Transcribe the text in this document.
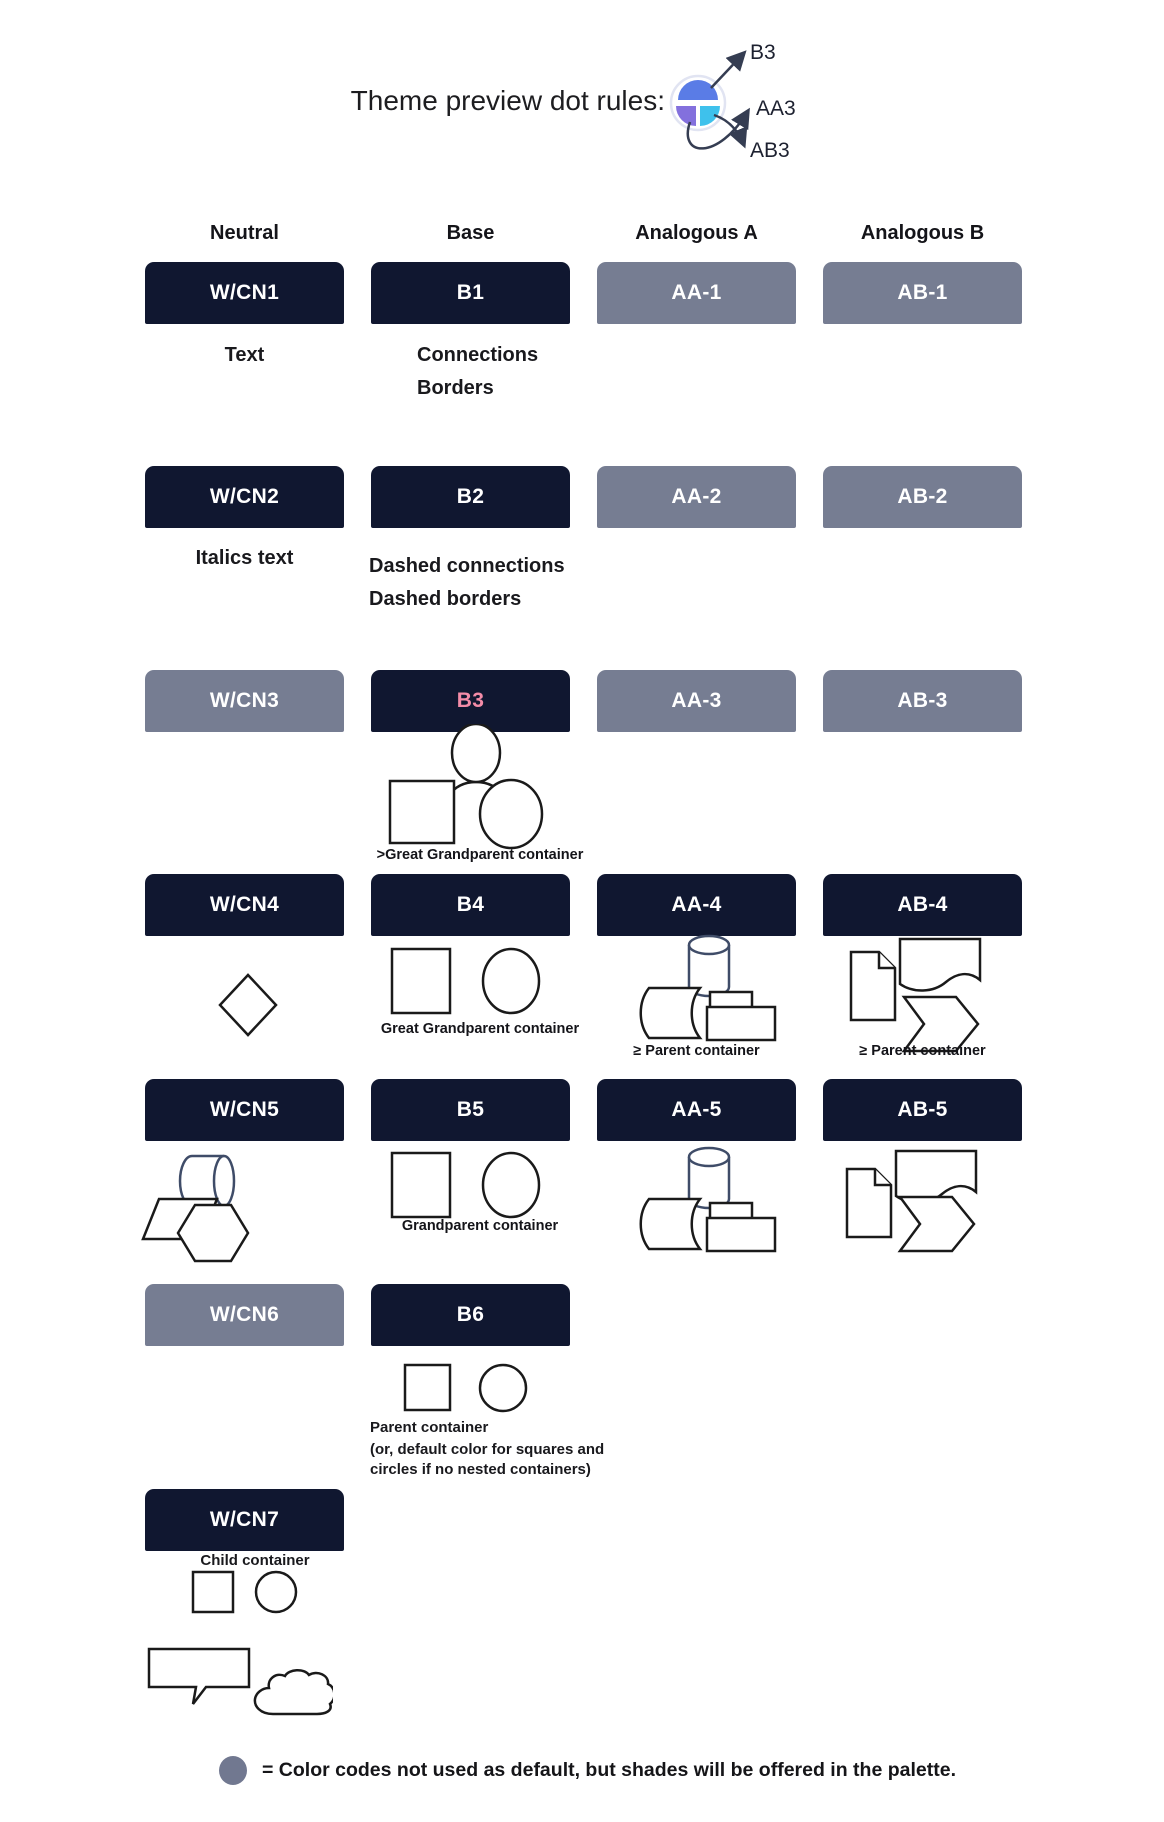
Theme preview dot rules:
B3
AA3
AB3
Neutral	Base	Analogous A	Analogous B
W/CN1	B1	AA-1	AB-1
Text	Connections
Borders
W/CN2	B2	AA-2	AB-2
Italics text	Dashed connections
Dashed borders
W/CN3	B3	AA-3	AB-3
>Great Grandparent container
W/CN4	B4	AA-4	AB-4
Great Grandparent container
≥ Parent container	≥ Parent container
W/CN5	B5	AA-5	AB-5
Grandparent container
W/CN6	B6
Parent container
(or, default color for squares and
circles if no nested containers)
W/CN7
Child container
= Color codes not used as default, but shades will be offered in the palette.
